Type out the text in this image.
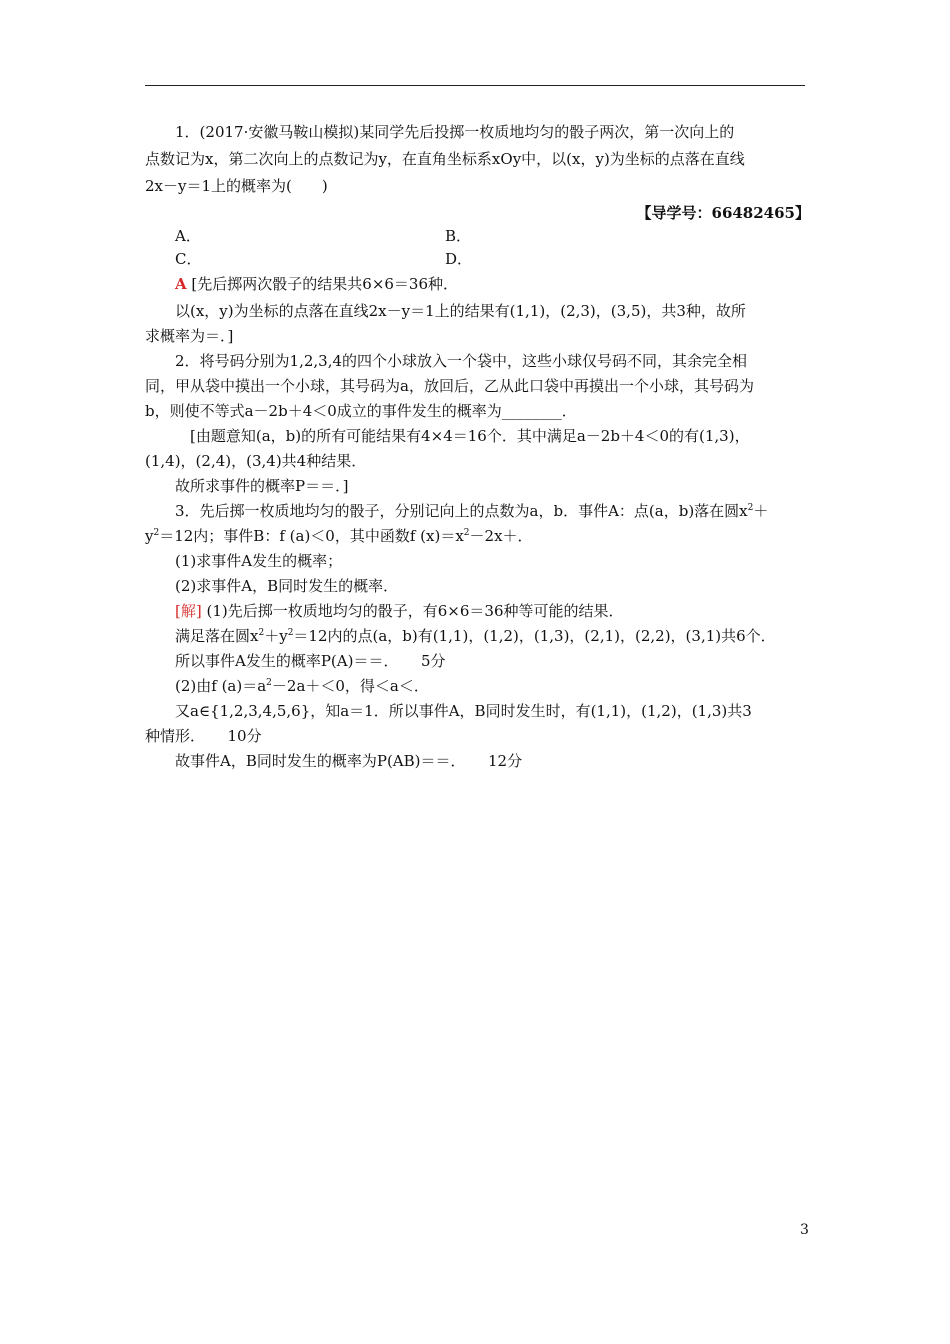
1．(2017·安徽马鞍山模拟)某同学先后投掷一枚质地均匀的骰子两次，第一次向上的
点数记为x，第二次向上的点数记为y，在直角坐标系xOy中，以(x，y)为坐标的点落在直线
2x－y＝1上的概率为(　　)
【导学号：66482465】
A．	B．
C．	D．
A [先后掷两次骰子的结果共6×6＝36种．
以(x，y)为坐标的点落在直线2x－y＝1上的结果有(1,1)，(2,3)，(3,5)，共3种，故所
求概率为＝．]
2．将号码分别为1,2,3,4的四个小球放入一个袋中，这些小球仅号码不同，其余完全相
同，甲从袋中摸出一个小球，其号码为a，放回后，乙从此口袋中再摸出一个小球，其号码为
b，则使不等式a－2b＋4＜0成立的事件发生的概率为________．
[由题意知(a，b)的所有可能结果有4×4＝16个．其中满足a－2b＋4＜0的有(1,3)，
(1,4)，(2,4)，(3,4)共4种结果．
故所求事件的概率P＝＝．]
3．先后掷一枚质地均匀的骰子，分别记向上的点数为a，b．事件A：点(a，b)落在圆$x^2+$
$y^2=12$内；事件B：f (a)＜0，其中函数f $(x)=x^2-2x+$．
(1)求事件A发生的概率；
(2)求事件A，B同时发生的概率．
[解] (1)先后掷一枚质地均匀的骰子，有6×6＝36种等可能的结果．
满足落在圆$x^2+y^2=12$内的点(a，b)有(1,1)，(1,2)，(1,3)，(2,1)，(2,2)，(3,1)共6个．
所以事件A发生的概率P(A)＝＝．　　5分
(2)由f $(a)=a^2-2a+<0$，得＜a＜．
又a∈{1,2,3,4,5,6}，知a＝1．所以事件A，B同时发生时，有(1,1)，(1,2)，(1,3)共3
种情形．　　10分
故事件A，B同时发生的概率为P(AB)＝＝．　　12分
3
